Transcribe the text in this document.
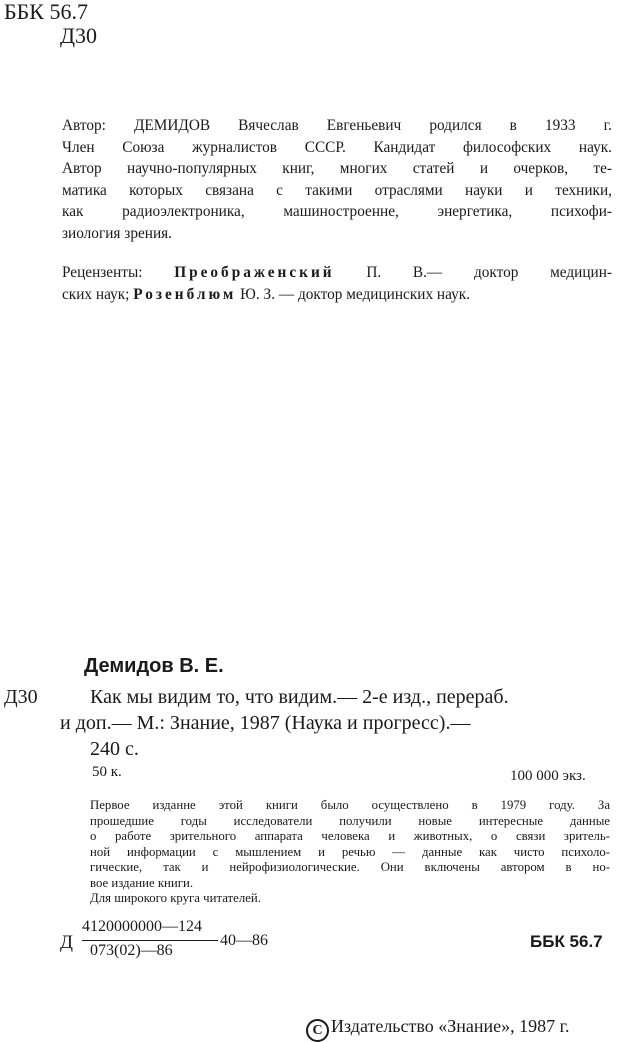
ББК 56.7
Д30
Автор: ДЕМИДОВ Вячеслав Евгеньевич родился в 1933 г.
Член Союза журналистов СССР. Кандидат философских наук.
Автор научно-популярных книг, многих статей и очерков, те-
матика которых связана с такими отраслями науки и техники,
как радиоэлектроника, машиностроенне, энергетика, психофи-
зиология зрения.
Рецензенты: Преображенский П. В.— доктор медицин-
ских наук; Розенблюм Ю. З. — доктор медицинских наук.
Демидов В. Е.
Д30	Как мы видим то, что видим.— 2-е изд., перераб.
и доп.— М.: Знание, 1987 (Наука и прогресс).—
240 с.
50 к.	100 000 экз.
Первое изданне этой книги было осуществлено в 1979 году. За
прошедшие годы исследователи получили новые интересные данные
о работе зрительного аппарата человека и животных, о связи зритель-
ной информации с мышлением и речью — данные как чисто психоло-
гические, так и нейрофизиологические. Они включены автором в но-
вое издание книги.
Для широкого круга читателей.
Д
4120000000—124
073(02)—86
40—86	ББК 56.7
C Издательство «Знание», 1987 г.
